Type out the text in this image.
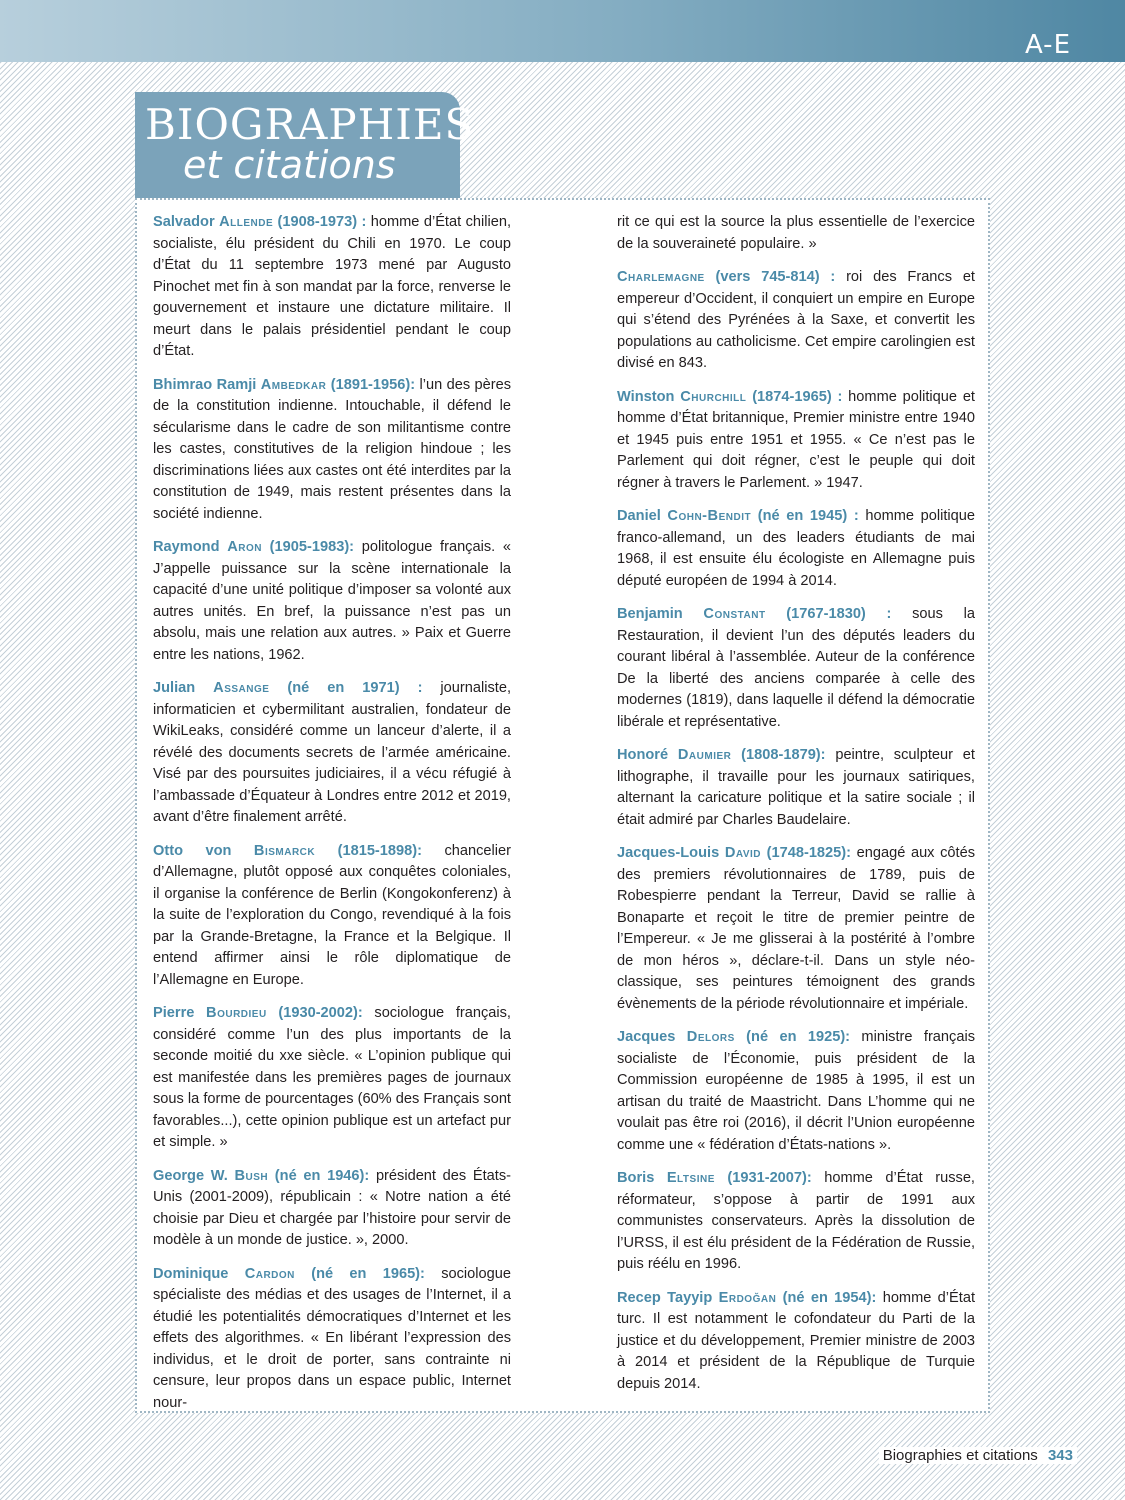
A-E
BIOGRAPHIES
et citations

Salvador Allende (1908-1973) : homme d’État chilien, socialiste, élu président du Chili en 1970. Le coup d’État du 11 septembre 1973 mené par Augusto Pinochet met fin à son mandat par la force, renverse le gouvernement et instaure une dictature militaire. Il meurt dans le palais présidentiel pendant le coup d’État.

Bhimrao Ramji Ambedkar (1891-1956): l’un des pères de la constitution indienne. Intouchable, il défend le sécularisme dans le cadre de son militantisme contre les castes, constitutives de la religion hindoue ; les discriminations liées aux castes ont été interdites par la constitution de 1949, mais restent présentes dans la société indienne.

Raymond Aron (1905-1983): politologue français. « J’appelle puissance sur la scène internationale la capacité d’une unité politique d’imposer sa volonté aux autres unités. En bref, la puissance n’est pas un absolu, mais une relation aux autres. » Paix et Guerre entre les nations, 1962.

Julian Assange (né en 1971) : journaliste, informaticien et cybermilitant australien, fondateur de WikiLeaks, considéré comme un lanceur d’alerte, il a révélé des documents secrets de l’armée américaine. Visé par des poursuites judiciaires, il a vécu réfugié à l’ambassade d’Équateur à Londres entre 2012 et 2019, avant d’être finalement arrêté.

Otto von Bismarck (1815-1898): chancelier d’Allemagne, plutôt opposé aux conquêtes coloniales, il organise la conférence de Berlin (Kongokonferenz) à la suite de l’exploration du Congo, revendiqué à la fois par la Grande-Bretagne, la France et la Belgique. Il entend affirmer ainsi le rôle diplomatique de l’Allemagne en Europe.

Pierre Bourdieu (1930-2002): sociologue français, considéré comme l’un des plus importants de la seconde moitié du xxe siècle. « L’opinion publique qui est manifestée dans les premières pages de journaux sous la forme de pourcentages (60% des Français sont favorables...), cette opinion publique est un artefact pur et simple. »

George W. Bush (né en 1946): président des États-Unis (2001-2009), républicain : « Notre nation a été choisie par Dieu et chargée par l’histoire pour servir de modèle à un monde de justice. », 2000.

Dominique Cardon (né en 1965): sociologue spécialiste des médias et des usages de l’Internet, il a étudié les potentialités démocratiques d’Internet et les effets des algorithmes. « En libérant l’expression des individus, et le droit de porter, sans contrainte ni censure, leur propos dans un espace public, Internet nour-

rit ce qui est la source la plus essentielle de l’exercice de la souveraineté populaire. »

Charlemagne (vers 745-814) : roi des Francs et empereur d’Occident, il conquiert un empire en Europe qui s’étend des Pyrénées à la Saxe, et convertit les populations au catholicisme. Cet empire carolingien est divisé en 843.

Winston Churchill (1874-1965) : homme politique et homme d’État britannique, Premier ministre entre 1940 et 1945 puis entre 1951 et 1955. « Ce n’est pas le Parlement qui doit régner, c’est le peuple qui doit régner à travers le Parlement. » 1947.

Daniel Cohn-Bendit (né en 1945) : homme politique franco-allemand, un des leaders étudiants de mai 1968, il est ensuite élu écologiste en Allemagne puis député européen de 1994 à 2014.

Benjamin Constant (1767-1830) : sous la Restauration, il devient l’un des députés leaders du courant libéral à l’assemblée. Auteur de la conférence De la liberté des anciens comparée à celle des modernes (1819), dans laquelle il défend la démocratie libérale et représentative.

Honoré Daumier (1808-1879): peintre, sculpteur et lithographe, il travaille pour les journaux satiriques, alternant la caricature politique et la satire sociale ; il était admiré par Charles Baudelaire.

Jacques-Louis David (1748-1825): engagé aux côtés des premiers révolutionnaires de 1789, puis de Robespierre pendant la Terreur, David se rallie à Bonaparte et reçoit le titre de premier peintre de l’Empereur. « Je me glisserai à la postérité à l’ombre de mon héros », déclare-t-il. Dans un style néo-classique, ses peintures témoignent des grands évènements de la période révolutionnaire et impériale.

Jacques Delors (né en 1925): ministre français socialiste de l’Économie, puis président de la Commission européenne de 1985 à 1995, il est un artisan du traité de Maastricht. Dans L’homme qui ne voulait pas être roi (2016), il décrit l’Union européenne comme une « fédération d’États-nations ».

Boris Eltsine (1931-2007): homme d’État russe, réformateur, s’oppose à partir de 1991 aux communistes conservateurs. Après la dissolution de l’URSS, il est élu président de la Fédération de Russie, puis réélu en 1996.

Recep Tayyip Erdoğan (né en 1954): homme d’État turc. Il est notamment le cofondateur du Parti de la justice et du développement, Premier ministre de 2003 à 2014 et président de la République de Turquie depuis 2014.

Biographies et citations 343
